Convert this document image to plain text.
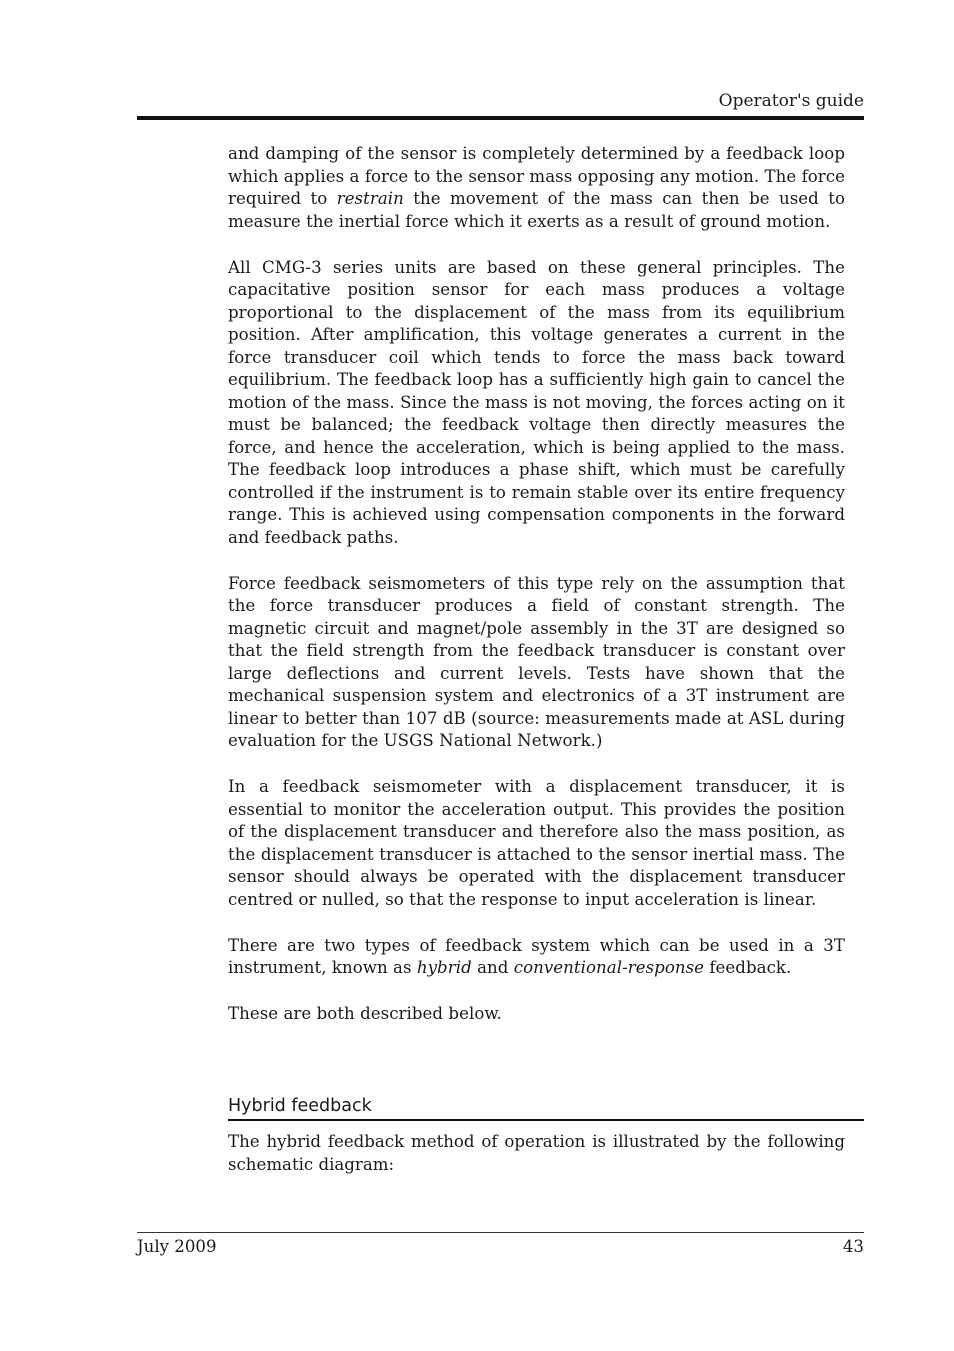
Operator's guide

and damping of the sensor is completely determined by a feedback loop which applies a force to the sensor mass opposing any motion. The force required to restrain the movement of the mass can then be used to measure the inertial force which it exerts as a result of ground motion.

All CMG-3 series units are based on these general principles. The capacitative position sensor for each mass produces a voltage proportional to the displacement of the mass from its equilibrium position. After amplification, this voltage generates a current in the force transducer coil which tends to force the mass back toward equilibrium. The feedback loop has a sufficiently high gain to cancel the motion of the mass. Since the mass is not moving, the forces acting on it must be balanced; the feedback voltage then directly measures the force, and hence the acceleration, which is being applied to the mass. The feedback loop introduces a phase shift, which must be carefully controlled if the instrument is to remain stable over its entire frequency range. This is achieved using compensation components in the forward and feedback paths.

Force feedback seismometers of this type rely on the assumption that the force transducer produces a field of constant strength. The magnetic circuit and magnet/pole assembly in the 3T are designed so that the field strength from the feedback transducer is constant over large deflections and current levels. Tests have shown that the mechanical suspension system and electronics of a 3T instrument are linear to better than 107 dB (source: measurements made at ASL during evaluation for the USGS National Network.)

In a feedback seismometer with a displacement transducer, it is essential to monitor the acceleration output. This provides the position of the displacement transducer and therefore also the mass position, as the displacement transducer is attached to the sensor inertial mass. The sensor should always be operated with the displacement transducer centred or nulled, so that the response to input acceleration is linear.

There are two types of feedback system which can be used in a 3T instrument, known as hybrid and conventional-response feedback.

These are both described below.

Hybrid feedback

The hybrid feedback method of operation is illustrated by the following schematic diagram:

July 2009	43
